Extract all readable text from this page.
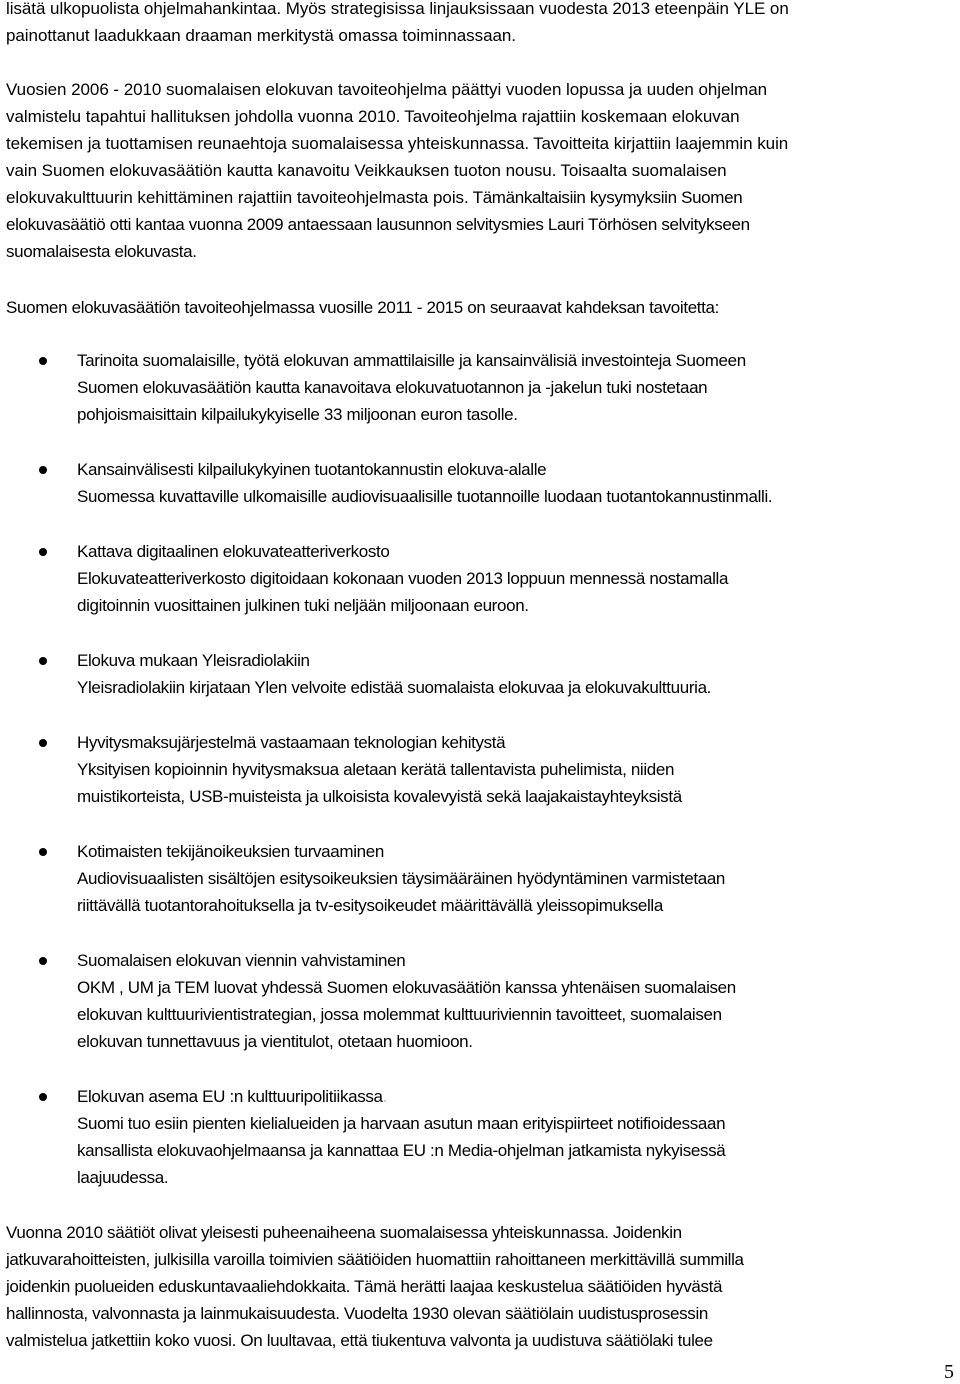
lisätä ulkopuolista ohjelmahankintaa. Myös strategisissa linjauksissaan vuodesta 2013 eteenpäin YLE on
painottanut laadukkaan draaman merkitystä omassa toiminnassaan.
Vuosien 2006 - 2010 suomalaisen elokuvan tavoiteohjelma päättyi vuoden lopussa ja uuden ohjelman
valmistelu tapahtui hallituksen johdolla vuonna 2010. Tavoiteohjelma rajattiin koskemaan elokuvan
tekemisen ja tuottamisen reunaehtoja suomalaisessa yhteiskunnassa. Tavoitteita kirjattiin laajemmin kuin
vain Suomen elokuvasäätiön kautta kanavoitu Veikkauksen tuoton nousu. Toisaalta suomalaisen
elokuvakulttuurin kehittäminen rajattiin tavoiteohjelmasta pois. Tämänkaltaisiin kysymyksiin Suomen
elokuvasäätiö otti kantaa vuonna 2009 antaessaan lausunnon selvitysmies Lauri Törhösen selvitykseen
suomalaisesta elokuvasta.
Suomen elokuvasäätiön tavoiteohjelmassa vuosille 2011 - 2015 on seuraavat kahdeksan tavoitetta:
Tarinoita suomalaisille, työtä elokuvan ammattilaisille ja kansainvälisiä investointeja Suomeen
Suomen elokuvasäätiön kautta kanavoitava elokuvatuotannon ja -jakelun tuki nostetaan
pohjoismaisittain kilpailukykyiselle 33 miljoonan euron tasolle.
Kansainvälisesti kilpailukykyinen tuotantokannustin elokuva-alalle
Suomessa kuvattaville ulkomaisille audiovisuaalisille tuotannoille luodaan tuotantokannustinmalli.
Kattava digitaalinen elokuvateatteriverkosto
Elokuvateatteriverkosto digitoidaan kokonaan vuoden 2013 loppuun mennessä nostamalla
digitoinnin vuosittainen julkinen tuki neljään miljoonaan euroon.
Elokuva mukaan Yleisradiolakiin
Yleisradiolakiin kirjataan Ylen velvoite edistää suomalaista elokuvaa ja elokuvakulttuuria.
Hyvitysmaksujärjestelmä vastaamaan teknologian kehitystä
Yksityisen kopioinnin hyvitysmaksua aletaan kerätä tallentavista puhelimista, niiden
muistikorteista, USB-muisteista ja ulkoisista kovalevyistä sekä laajakaistayhteyksistä
Kotimaisten tekijänoikeuksien turvaaminen
Audiovisuaalisten sisältöjen esitysoikeuksien täysimääräinen hyödyntäminen varmistetaan
riittävällä tuotantorahoituksella ja tv-esitysoikeudet määrittävällä yleissopimuksella
Suomalaisen elokuvan viennin vahvistaminen
OKM , UM ja TEM luovat yhdessä Suomen elokuvasäätiön kanssa yhtenäisen suomalaisen
elokuvan kulttuurivientistrategian, jossa molemmat kulttuuriviennin tavoitteet, suomalaisen
elokuvan tunnettavuus ja vientitulot, otetaan huomioon.
Elokuvan asema EU :n kulttuuripolitiikassa.
Suomi tuo esiin pienten kielialueiden ja harvaan asutun maan erityispiirteet notifioidessaan
kansallista elokuvaohjelmaansa ja kannattaa EU :n Media-ohjelman jatkamista nykyisessä
laajuudessa.
Vuonna 2010 säätiöt olivat yleisesti puheenaiheena suomalaisessa yhteiskunnassa. Joidenkin
jatkuvarahoitteisten, julkisilla varoilla toimivien säätiöiden huomattiin rahoittaneen merkittävillä summilla
joidenkin puolueiden eduskuntavaaliehdokkaita. Tämä herätti laajaa keskustelua säätiöiden hyvästä
hallinnosta, valvonnasta ja lainmukaisuudesta. Vuodelta 1930 olevan säätiölain uudistusprosessin
valmistelua jatkettiin koko vuosi. On luultavaa, että tiukentuva valvonta ja uudistuva säätiölaki tulee
5
